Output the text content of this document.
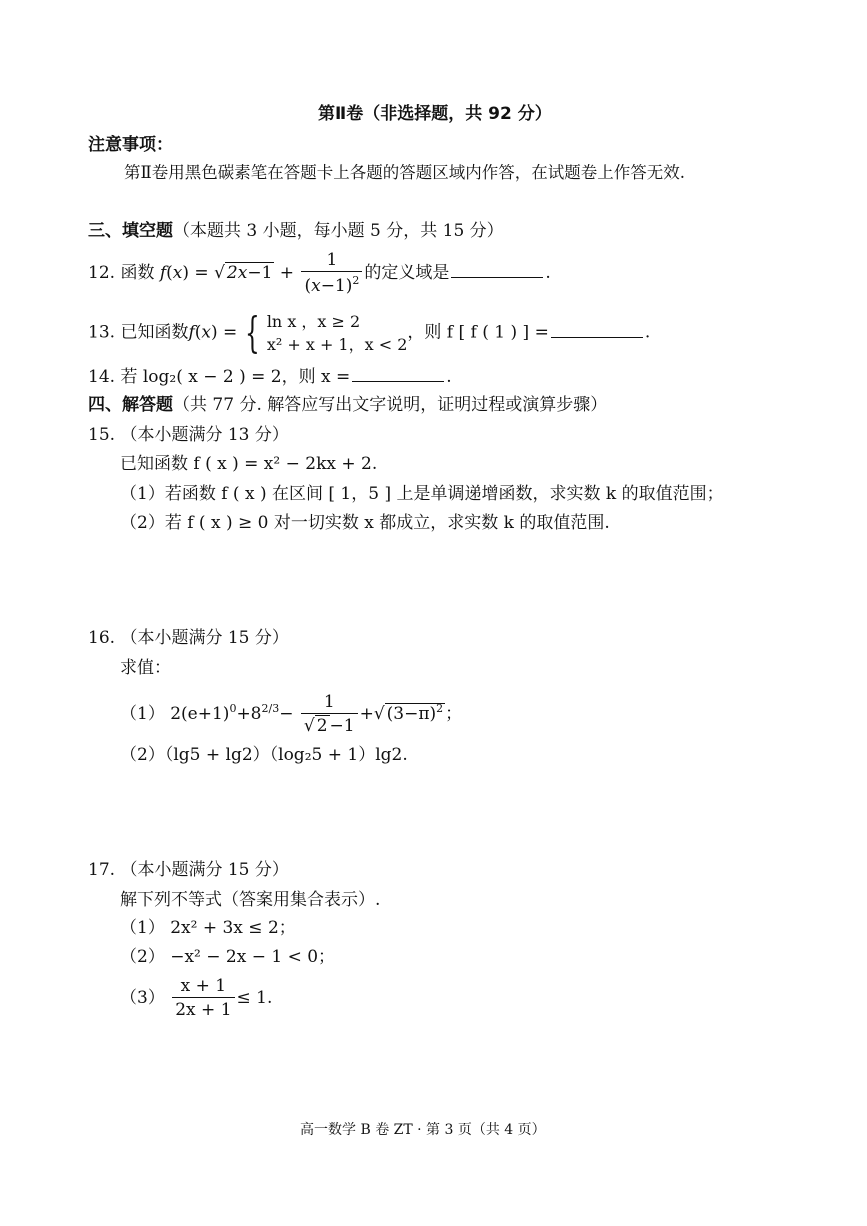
第Ⅱ卷（非选择题，共 92 分）
注意事项：
第Ⅱ卷用黑色碳素笔在答题卡上各题的答题区域内作答，在试题卷上作答无效.
三、填空题（本题共 3 小题，每小题 5 分，共 15 分）
12. 函数 f(x) = √ $2x-1 + \frac{1}{(x-1)^2}$ 的定义域是	.
13. 已知函数f(x) = { ln x ，x ≥ 2
x² + x + 1，x < 2
，则 f [ f ( 1 ) ] =	.
14. 若 log₂( x − 2 ) = 2，则 x =	.
四、解答题（共 77 分. 解答应写出文字说明，证明过程或演算步骤）
15. （本小题满分 13 分）
已知函数 f ( x ) = x² − 2kx + 2.
（1）若函数 f ( x ) 在区间 [ 1，5 ] 上是单调递增函数，求实数 k 的取值范围；
（2）若 f ( x ) ≥ 0 对一切实数 x 都成立，求实数 k 的取值范围.
16. （本小题满分 15 分）
求值：
（1） $2(e+1)^0+8^{2/3}- \frac{1}{√ 2 -1}$ +√ $(3-\pi)^2$ ；
（2）（lg5 + lg2）（log₂5 + 1）lg2.
17. （本小题满分 15 分）
解下列不等式（答案用集合表示）.
（1） 2x² + 3x ≤ 2；
（2） −x² − 2x − 1 < 0；
$(3) \frac{x + 1}{2x + 1} \le 1$.
高一数学 B 卷 ZT · 第 3 页（共 4 页）
